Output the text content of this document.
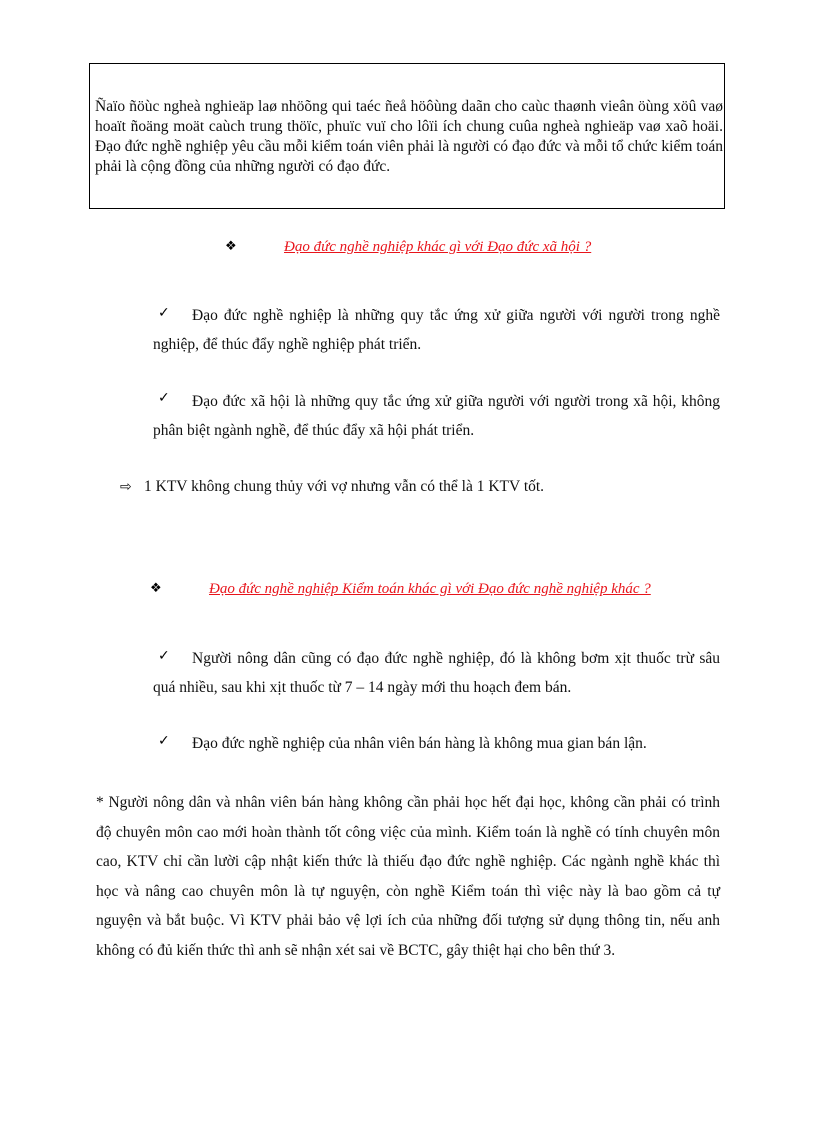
Ñaïo ñöùc ngheà nghieäp laø nhöõng qui taéc ñeå höôùng daãn cho caùc thaønh vieân öùng xöû vaø hoaït ñoäng moät caùch trung thöïc, phuïc vuï cho lôïi ích chung cuûa ngheà nghieäp vaø xaõ hoäi. Đạo đức nghề nghiệp yêu cầu mỗi kiểm toán viên phải là người có đạo đức và mỗi tổ chức kiểm toán phải là cộng đồng của những người có đạo đức.

❖	Đạo đức nghề nghiệp khác gì với Đạo đức xã hội ?
✓	Đạo đức nghề nghiệp là những quy tắc ứng xử giữa người với người trong nghề nghiệp, để thúc đẩy nghề nghiệp phát triển.
✓	Đạo đức xã hội là những quy tắc ứng xử giữa người với người trong xã hội, không phân biệt ngành nghề, để thúc đẩy xã hội phát triển.
⇨ 1 KTV không chung thủy với vợ nhưng vẫn có thể là 1 KTV tốt.
❖	Đạo đức nghề nghiệp Kiểm toán khác gì với Đạo đức nghề nghiệp khác ?
✓	Người nông dân cũng có đạo đức nghề nghiệp, đó là không bơm xịt thuốc trừ sâu quá nhiều, sau khi xịt thuốc từ 7 – 14 ngày mới thu hoạch đem bán.
✓	Đạo đức nghề nghiệp của nhân viên bán hàng là không mua gian bán lận.
* Người nông dân và nhân viên bán hàng không cần phải học hết đại học, không cần phải có trình độ chuyên môn cao mới hoàn thành tốt công việc của mình. Kiểm toán là nghề có tính chuyên môn cao, KTV chỉ cần lười cập nhật kiến thức là thiếu đạo đức nghề nghiệp. Các ngành nghề khác thì học và nâng cao chuyên môn là tự nguyện, còn nghề Kiểm toán thì việc này là bao gồm cả tự nguyện và bắt buộc. Vì KTV phải bảo vệ lợi ích của những đối tượng sử dụng thông tin, nếu anh không có đủ kiến thức thì anh sẽ nhận xét sai về BCTC, gây thiệt hại cho bên thứ 3.
